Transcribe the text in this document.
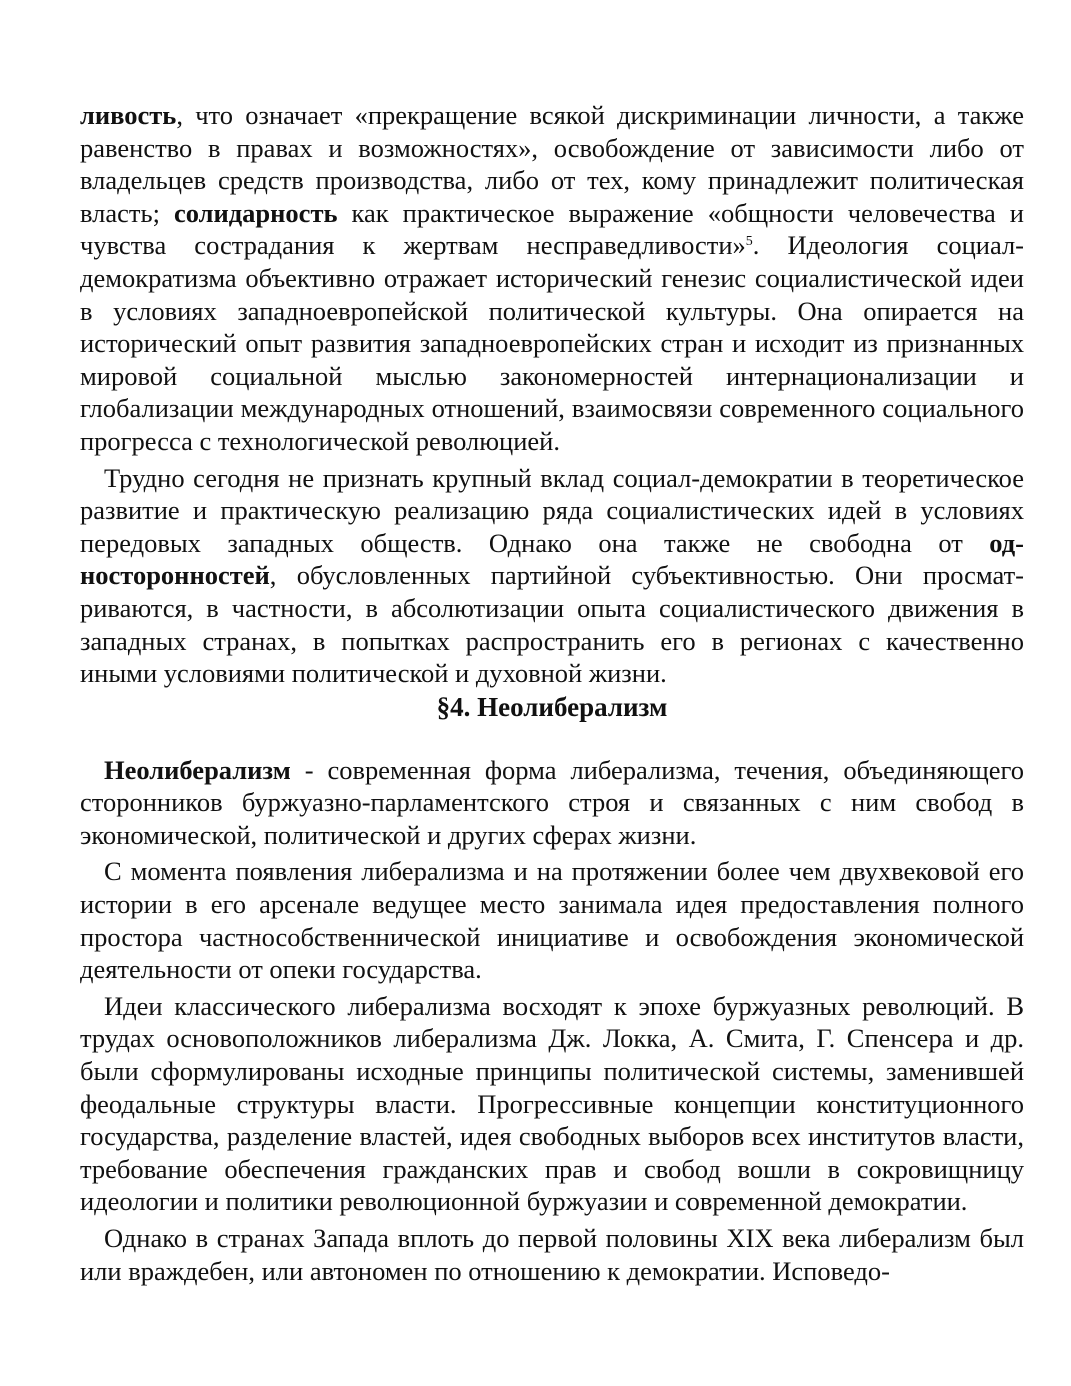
ливость, что означает «прекращение всякой дискриминации личности, а также равенство в правах и возможностях», освобождение от зависимости либо от владельцев средств производства, либо от тех, кому принадлежит политическая власть; солидарность как практическое выражение «общности человечества и чувства сострадания к жертвам несправедливости»$^5$. Идеология социал-демократизма объективно отражает исторический генезис социалистической идеи в условиях западноевропейской политической культуры. Она опирается на исторический опыт развития западноевропейских стран и исходит из признанных мировой социальной мыслью закономерностей интернационализации и глобализации международных отношений, взаимосвязи современного социального прогресса с технологической революцией.

Трудно сегодня не признать крупный вклад социал-демократии в теоретическое развитие и практическую реализацию ряда социалистических идей в условиях передовых западных обществ. Однако она также не свободна от односторонностей, обусловленных партийной субъективностью. Они просматриваются, в частности, в абсолютизации опыта социалистического движения в западных странах, в попытках распространить его в регионах с качественно иными условиями политической и духовной жизни.

§4. Неолиберализм

Неолиберализм - современная форма либерализма, течения, объединяющего сторонников буржуазно-парламентского строя и связанных с ним свобод в экономической, политической и других сферах жизни.

С момента появления либерализма и на протяжении более чем двухвековой его истории в его арсенале ведущее место занимала идея предоставления полного простора частнособственнической инициативе и освобождения экономической деятельности от опеки государства.

Идеи классического либерализма восходят к эпохе буржуазных революций. В трудах основоположников либерализма Дж. Локка, А. Смита, Г. Спенсера и др. были сформулированы исходные принципы политической системы, заменившей феодальные структуры власти. Прогрессивные концепции конституционного государства, разделение властей, идея свободных выборов всех институтов власти, требование обеспечения гражданских прав и свобод вошли в сокровищницу идеологии и политики революционной буржуазии и современной демократии.

Однако в странах Запада вплоть до первой половины XIX века либерализм был или враждебен, или автономен по отношению к демократии. Исповедо-
